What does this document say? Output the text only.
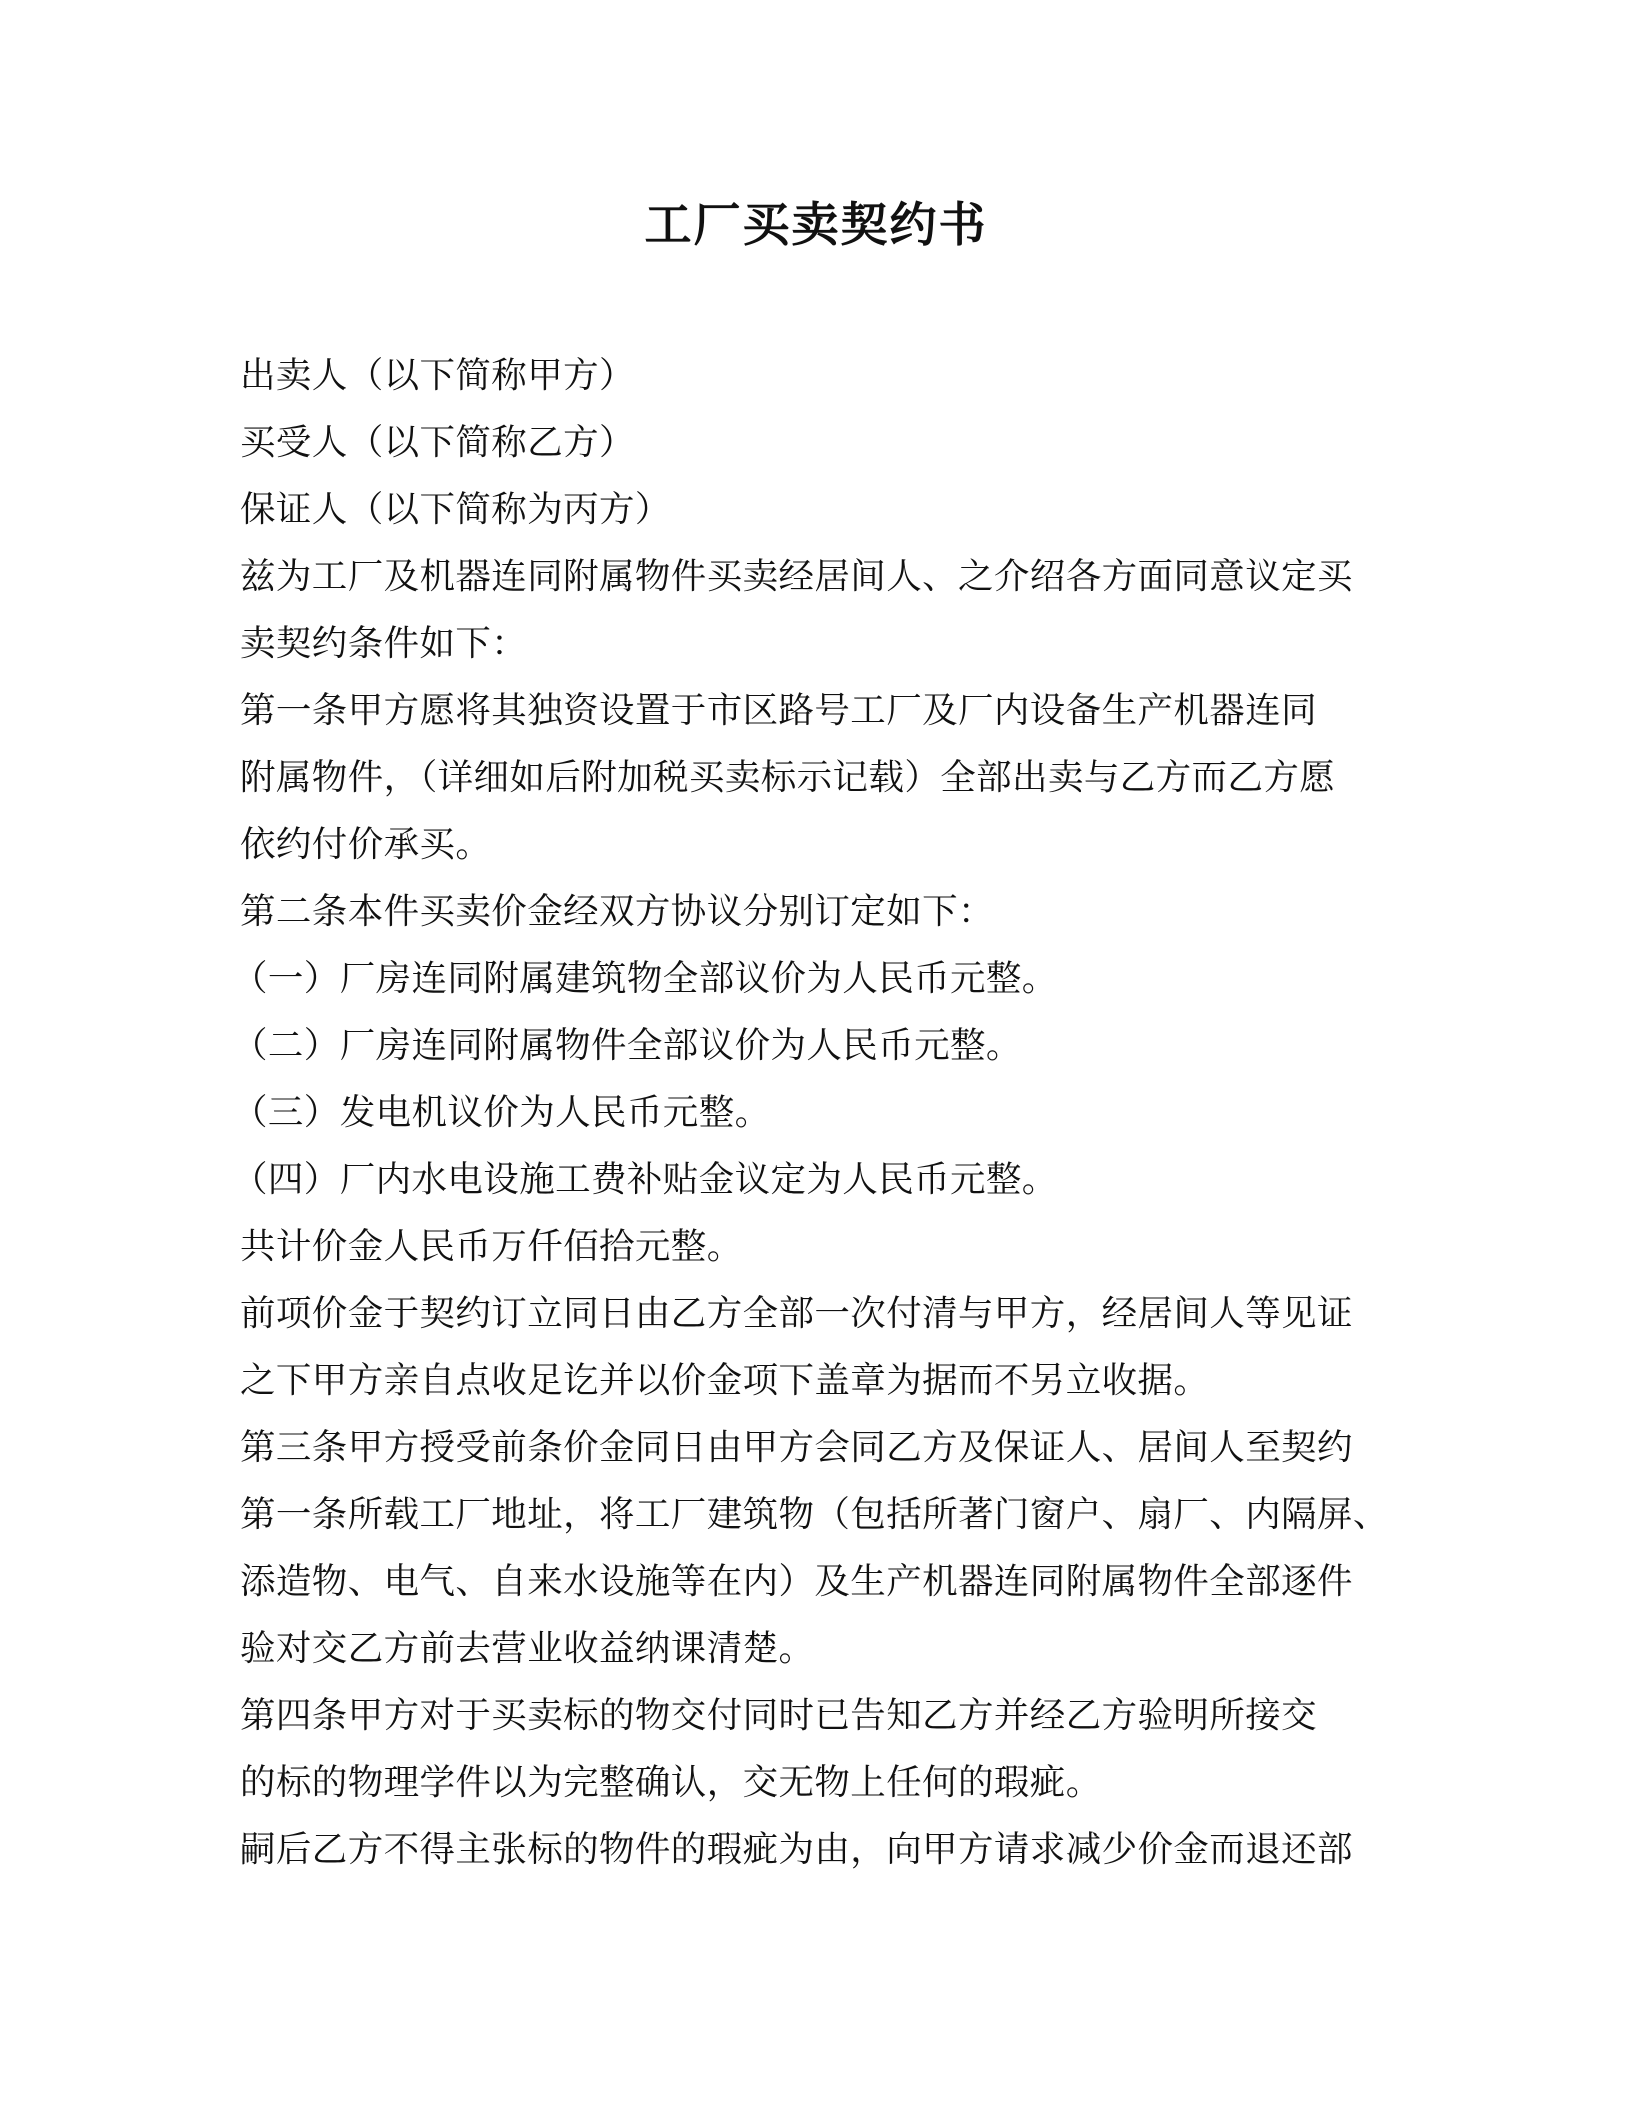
工厂买卖契约书
出卖人（以下简称甲方）
买受人（以下简称乙方）
保证人（以下简称为丙方）
兹为工厂及机器连同附属物件买卖经居间人、之介绍各方面同意议定买
卖契约条件如下：
第一条甲方愿将其独资设置于市区路号工厂及厂内设备生产机器连同
附属物件，（详细如后附加税买卖标示记载）全部出卖与乙方而乙方愿
依约付价承买。
第二条本件买卖价金经双方协议分别订定如下：
（一）厂房连同附属建筑物全部议价为人民币元整。
（二）厂房连同附属物件全部议价为人民币元整。
（三）发电机议价为人民币元整。
（四）厂内水电设施工费补贴金议定为人民币元整。
共计价金人民币万仟佰拾元整。
前项价金于契约订立同日由乙方全部一次付清与甲方，经居间人等见证
之下甲方亲自点收足讫并以价金项下盖章为据而不另立收据。
第三条甲方授受前条价金同日由甲方会同乙方及保证人、居间人至契约
第一条所载工厂地址，将工厂建筑物（包括所著门窗户、扇厂、内隔屏、
添造物、电气、自来水设施等在内）及生产机器连同附属物件全部逐件
验对交乙方前去营业收益纳课清楚。
第四条甲方对于买卖标的物交付同时已告知乙方并经乙方验明所接交
的标的物理学件以为完整确认，交无物上任何的瑕疵。
嗣后乙方不得主张标的物件的瑕疵为由，向甲方请求减少价金而退还部
